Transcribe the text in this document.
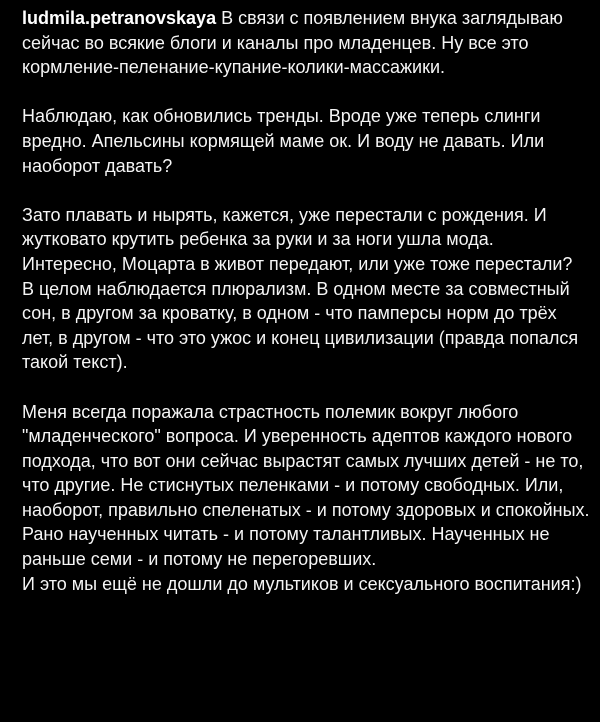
ludmila.petranovskaya В связи с появлением внука заглядываю сейчас во всякие блоги и каналы про младенцев. Ну все это кормление-пеленание-купание-колики-массажики.

Наблюдаю, как обновились тренды. Вроде уже теперь слинги вредно. Апельсины кормящей маме ок. И воду не давать. Или наоборот давать?

Зато плавать и нырять, кажется, уже перестали с рождения. И жутковато крутить ребенка за руки и за ноги ушла мода. Интересно, Моцарта в живот передают, или уже тоже перестали?

В целом наблюдается плюрализм. В одном месте за совместный сон, в другом за кроватку, в одном - что памперсы норм до трёх лет, в другом - что это ужос и конец цивилизации (правда попался такой текст).

Меня всегда поражала страстность полемик вокруг любого "младенческого" вопроса. И уверенность адептов каждого нового подхода, что вот они сейчас вырастят самых лучших детей - не то, что другие. Не стиснутых пеленками - и потому свободных. Или, наоборот, правильно спеленатых - и потому здоровых и спокойных. Рано наученных читать - и потому талантливых. Наученных не раньше семи - и потому не перегоревших.

И это мы ещё не дошли до мультиков и сексуального воспитания:)
